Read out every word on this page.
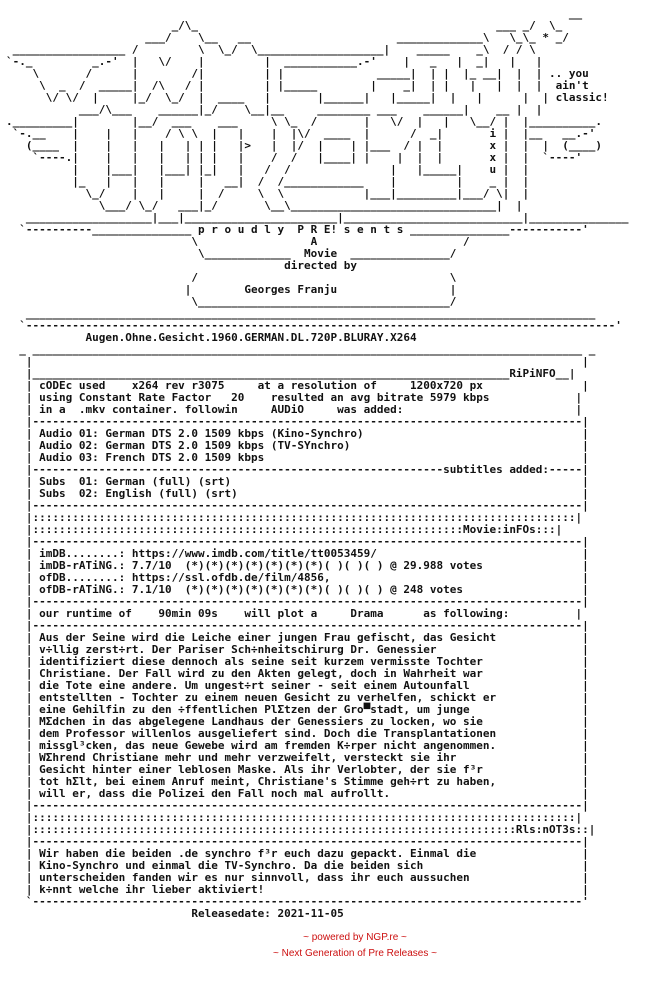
__
_/\_                                             ___ _/  \_
___/    \__   __                      _____________\   \_\_ * _/
_________________ /         \  \_/  \___________________|    _____    _\  / / \
`-._         _.-'  |   \/    |         |  ___________.-'    |   _   |  _|   |   |
\       /      |        /|         | |              _____|  | |  |_ __|  |  | .. you
\  _  /  _____|  /\   / |         | |_____        |    _|  | |   |   |  |  |  ain't
\/ \/  |     |_/  \_/  |  ____   |       |______|   |_____|  |   |      |  | classic!
___/\___    ______|_/    \__|__     ________ ___    ______|    __ |  |
._________|        |__/  ___    ___     \ \_  /       |   \/  |   |   \__/ |  |__________.
`-.__    |    |   |    / \ \  |   |    |  |\/  ____  |      /  _|       i |  |__   __.-'
(____  |    |   |   |   | | |   |>   |  |/  |    | |___  / |  |       x |  |  |  (____)
`----.|    |   |   |   | | |   |    /  /   |____| |    |  |  |       x |  |  `----'
|    |___|   |___| |_|   |   /  /               |   |_____|    u |  |
|_   |   |   |     |   __|  /  /____________    |         |    _ |  |
\_/    |   |     |  /     \  \            |___|_________|___/ \|  |
\___/ \_/   ___|_/       \__\_______________________________|  |
___________________|___|_______________________|___________________________|_______________
`----------_______________ p r o u d l y  P R E! s e n t s _______________-----------'
\                 A                      /
\_____________  Movie  _______________/
directed by
/                                      \
|        Georges Franju                 |
\______________________________________/
______________________________________________________________________________________
`-----------------------------------------------------------------------------------------'
Augen.Ohne.Gesicht.1960.GERMAN.DL.720P.BLURAY.X264
_ ___________________________________________________________________________________ _
|                                                                                   |
|________________________________________________________________________RiPiNFO__|
| cODEc used    x264 rev r3075     at a resolution of     1200x720 px               |
| using Constant Rate Factor   20    resulted an avg bitrate 5979 kbps             |
| in a  .mkv container. followin     AUDiO     was added:                          |
|-----------------------------------------------------------------------------------|
| Audio 01: German DTS 2.0 1509 kbps (Kino-Synchro)                                 |
| Audio 02: German DTS 2.0 1509 kbps (TV-SYnchro)                                   |
| Audio 03: French DTS 2.0 1509 kbps                                                |
|--------------------------------------------------------------subtitles added:-----|
| Subs  01: German (full) (srt)                                                     |
| Subs  02: English (full) (srt)                                                    |
|-----------------------------------------------------------------------------------|
|::::::::::::::::::::::::::::::::::::::::::::::::::::::::::::::::::::::::::::::::::|
|:::::::::::::::::::::::::::::::::::::::::::::::::::::::::::::::::Movie:inFOs:::|
|-----------------------------------------------------------------------------------|
| imDB........: https://www.imdb.com/title/tt0053459/                               |
| imDB-rATiNG.: 7.7/10  (*)(*)(*)(*)(*)(*)(*)( )( )( ) @ 29.988 votes               |
| ofDB........: https://ssl.ofdb.de/film/4856,                                      |
| ofDB-rATiNG.: 7.1/10  (*)(*)(*)(*)(*)(*)(*)( )( )( ) @ 248 votes                  |
|-----------------------------------------------------------------------------------|
| our runtime of    90min 09s    will plot a     Drama      as following:          |
|-----------------------------------------------------------------------------------|
| Aus der Seine wird die Leiche einer jungen Frau gefischt, das Gesicht             |
| v÷llig zerst÷rt. Der Pariser Sch÷nheitschirurg Dr. Genessier                      |
| identifiziert diese dennoch als seine seit kurzem vermisste Tochter               |
| Christiane. Der Fall wird zu den Akten gelegt, doch in Wahrheit war               |
| die Tote eine andere. Um ungest÷rt seiner - seit einem Autounfall                 |
| entstellten - Tochter zu einem neuen Gesicht zu verhelfen, schickt er             |
| eine Gehilfin zu den ÷ffentlichen PlΣtzen der Gro▀stadt, um junge                 |
| MΣdchen in das abgelegene Landhaus der Genessiers zu locken, wo sie               |
| dem Professor willenlos ausgeliefert sind. Doch die Transplantationen             |
| missgl³cken, das neue Gewebe wird am fremden K÷rper nicht angenommen.             |
| WΣhrend Christiane mehr und mehr verzweifelt, versteckt sie ihr                   |
| Gesicht hinter einer leblosen Maske. Als ihr Verlobter, der sie f³r               |
| tot hΣlt, bei einem Anruf meint, Christiane's Stimme geh÷rt zu haben,             |
| will er, dass die Polizei den Fall noch mal aufrollt.                             |
|-----------------------------------------------------------------------------------|
|::::::::::::::::::::::::::::::::::::::::::::::::::::::::::::::::::::::::::::::::::|
|:::::::::::::::::::::::::::::::::::::::::::::::::::::::::::::::::::::::::Rls:nOT3s::|
|-----------------------------------------------------------------------------------|
| Wir haben die beiden .de synchro f³r euch dazu gepackt. Einmal die                |
| Kino-Synchro und einmal die TV-Synchro. Da die beiden sich                        |
| unterscheiden fanden wir es nur sinnvoll, dass ihr euch aussuchen                 |
| k÷nnt welche ihr lieber aktiviert!                                                |
`-----------------------------------------------------------------------------------'
Releasedate: 2021-11-05

~ powered by NGP.re ~
~ Next Generation of Pre Releases ~
